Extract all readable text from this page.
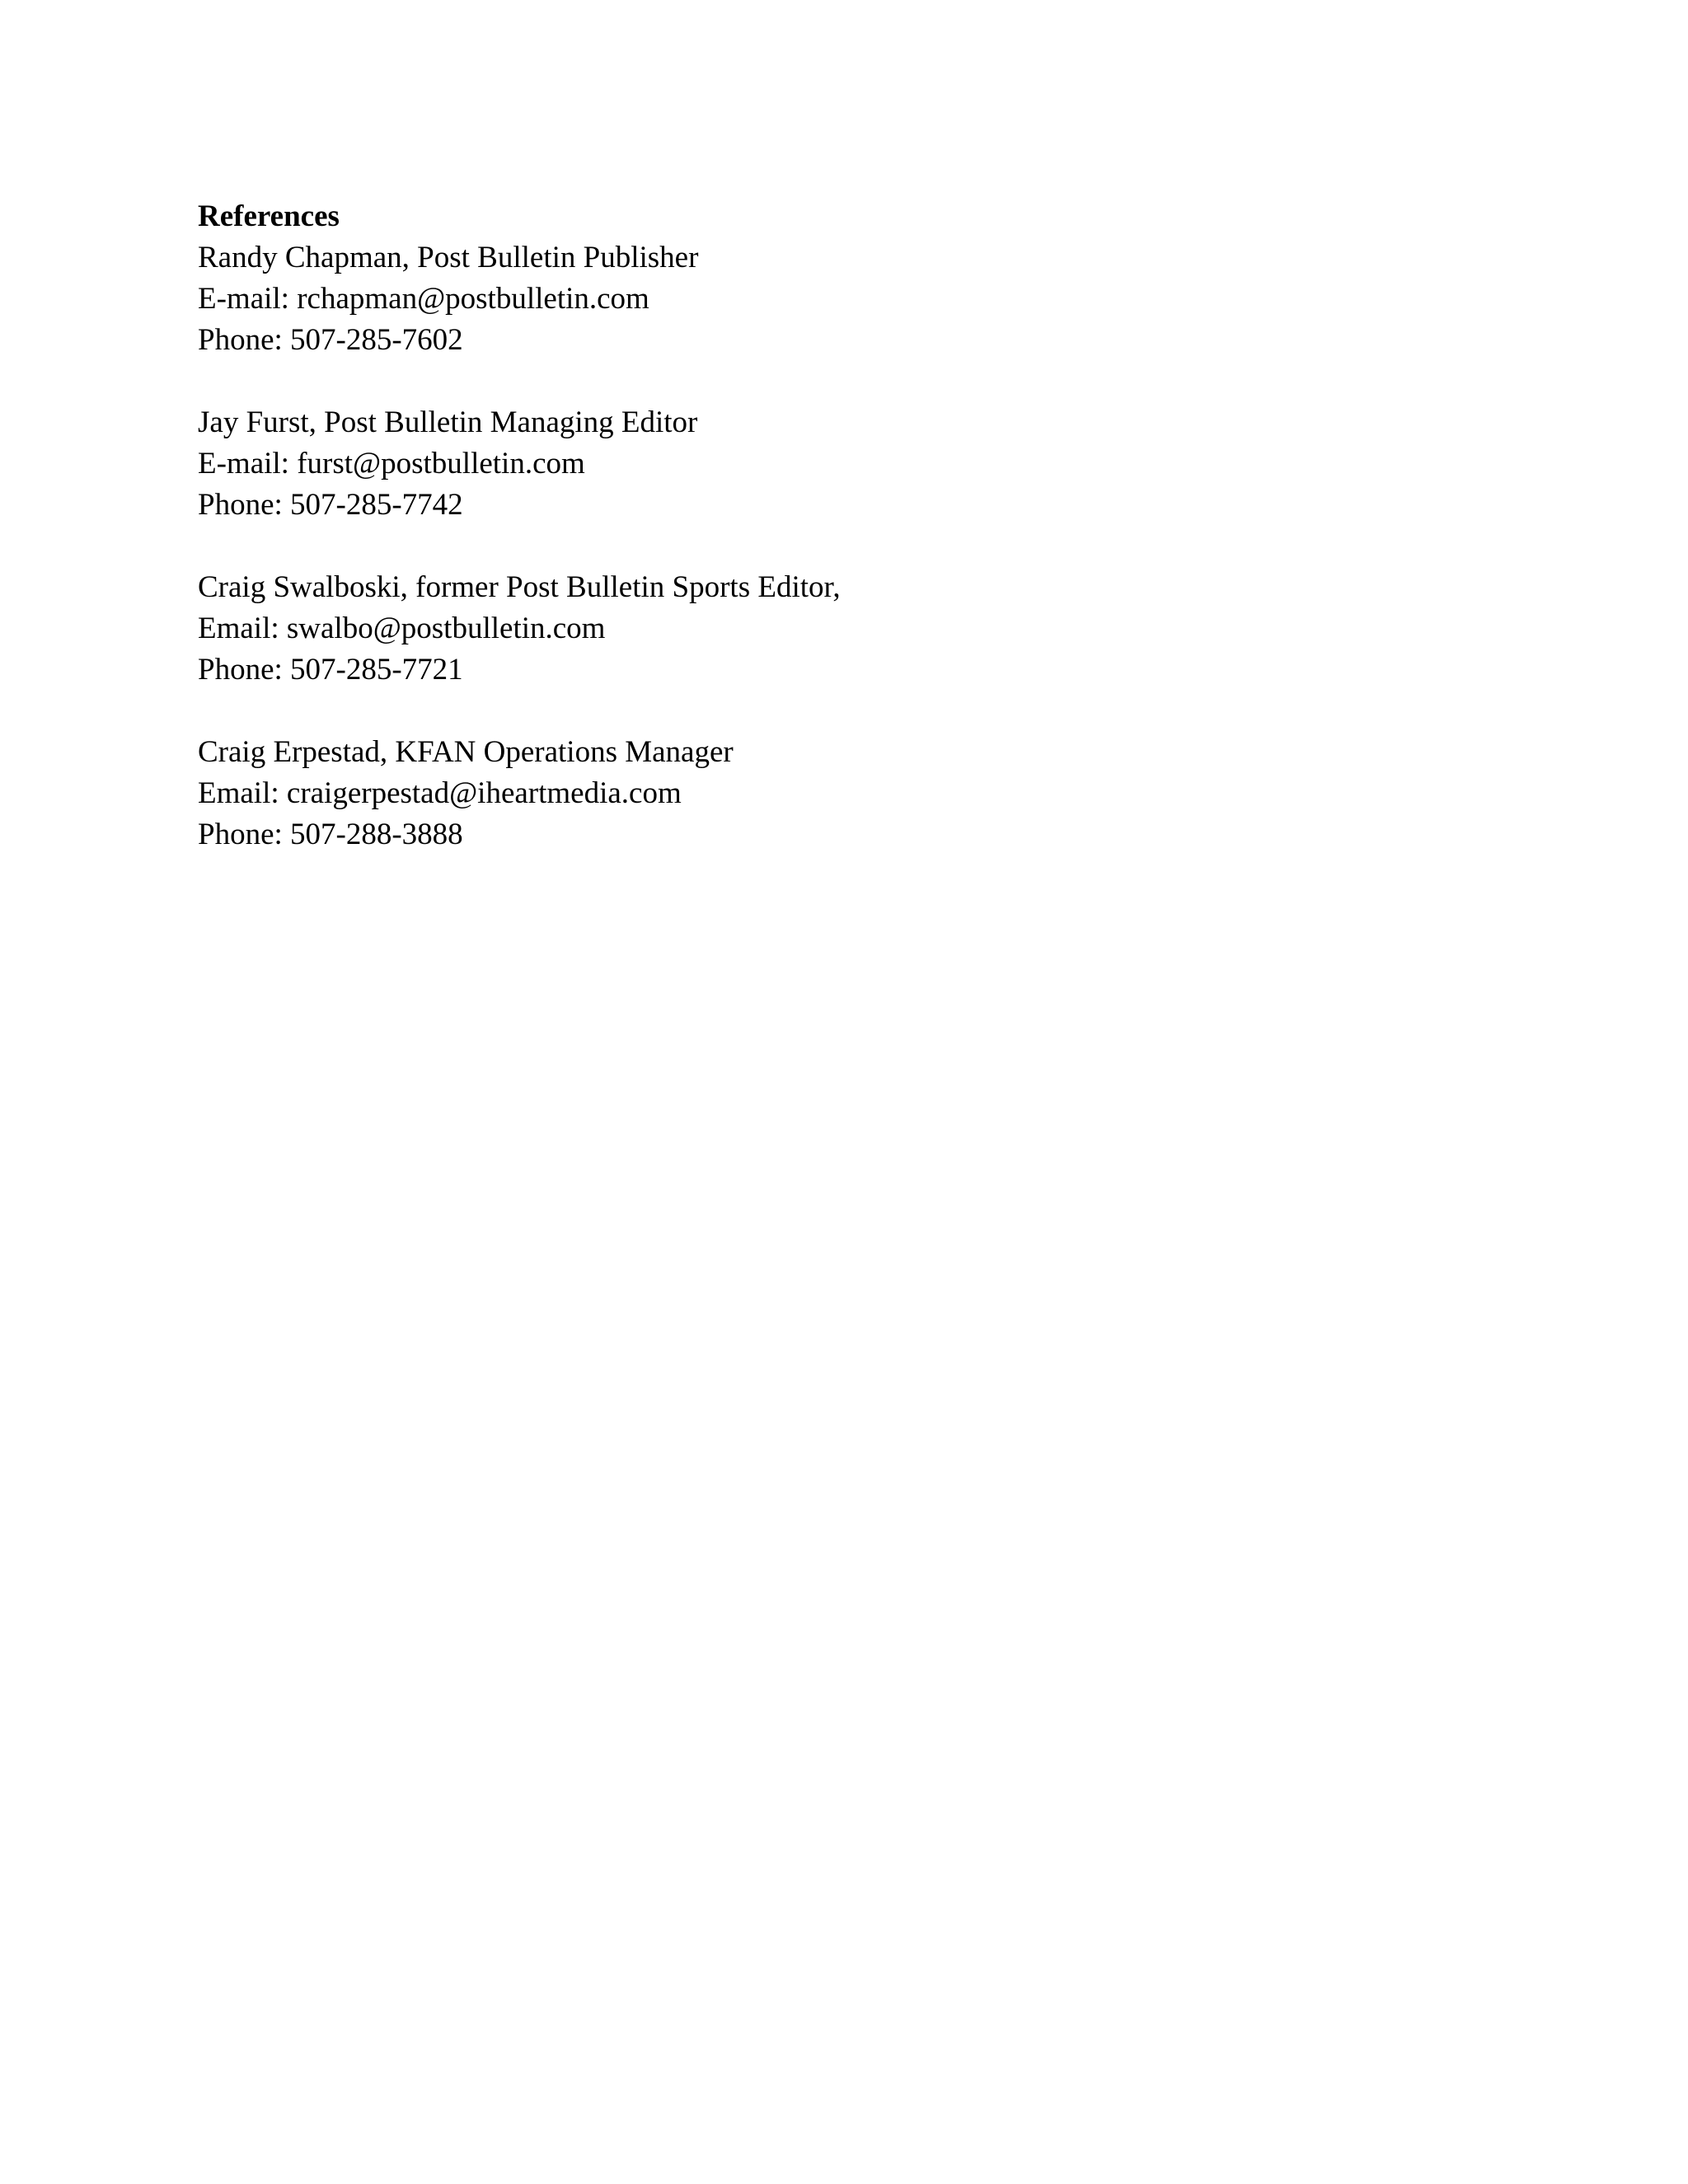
References
Randy Chapman, Post Bulletin Publisher
E-mail: rchapman@postbulletin.com
Phone: 507-285-7602
Jay Furst, Post Bulletin Managing Editor
E-mail: furst@postbulletin.com
Phone: 507-285-7742
Craig Swalboski, former Post Bulletin Sports Editor,
Email: swalbo@postbulletin.com
Phone: 507-285-7721
Craig Erpestad, KFAN Operations Manager
Email: craigerpestad@iheartmedia.com
Phone: 507-288-3888
